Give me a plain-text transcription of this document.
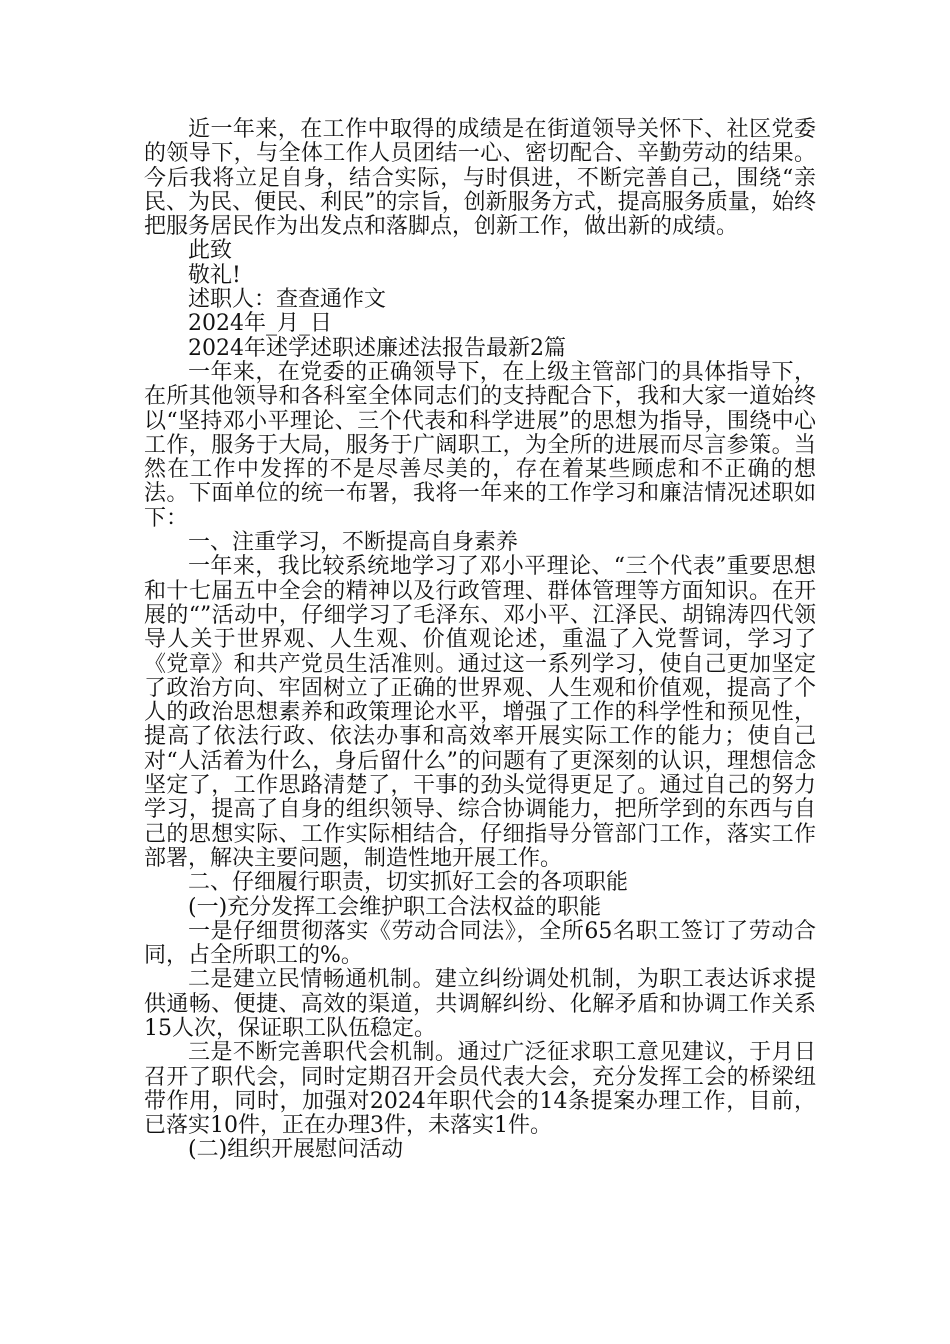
近一年来，在工作中取得的成绩是在街道领导关怀下、社区党委的领导下，与全体工作人员团结一心、密切配合、辛勤劳动的结果。今后我将立足自身，结合实际，与时俱进，不断完善自己，围绕“亲民、为民、便民、利民”的宗旨，创新服务方式，提高服务质量，始终把服务居民作为出发点和落脚点，创新工作，做出新的成绩。

此致

敬礼!

述职人：查查通作文

2024年_月_日

2024年述学述职述廉述法报告最新2篇

一年来，在党委的正确领导下，在上级主管部门的具体指导下，在所其他领导和各科室全体同志们的支持配合下，我和大家一道始终以“坚持邓小平理论、三个代表和科学进展”的思想为指导，围绕中心工作，服务于大局，服务于广阔职工，为全所的进展而尽言参策。当然在工作中发挥的不是尽善尽美的，存在着某些顾虑和不正确的想法。下面单位的统一布署，我将一年来的工作学习和廉洁情况述职如下：

一、注重学习，不断提高自身素养

一年来，我比较系统地学习了邓小平理论、“三个代表”重要思想和十七届五中全会的精神以及行政管理、群体管理等方面知识。在开展的“”活动中，仔细学习了毛泽东、邓小平、江泽民、胡锦涛四代领导人关于世界观、人生观、价值观论述，重温了入党誓词，学习了《党章》和共产党员生活准则。通过这一系列学习，使自己更加坚定了政治方向、牢固树立了正确的世界观、人生观和价值观，提高了个人的政治思想素养和政策理论水平，增强了工作的科学性和预见性，提高了依法行政、依法办事和高效率开展实际工作的能力；使自己对“人活着为什么，身后留什么”的问题有了更深刻的认识，理想信念坚定了，工作思路清楚了，干事的劲头觉得更足了。通过自己的努力学习，提高了自身的组织领导、综合协调能力，把所学到的东西与自己的思想实际、工作实际相结合，仔细指导分管部门工作，落实工作部署，解决主要问题，制造性地开展工作。

二、仔细履行职责，切实抓好工会的各项职能

(一)充分发挥工会维护职工合法权益的职能

一是仔细贯彻落实《劳动合同法》，全所65名职工签订了劳动合同，占全所职工的%。

二是建立民情畅通机制。建立纠纷调处机制，为职工表达诉求提供通畅、便捷、高效的渠道，共调解纠纷、化解矛盾和协调工作关系15人次，保证职工队伍稳定。

三是不断完善职代会机制。通过广泛征求职工意见建议，于月日召开了职代会，同时定期召开会员代表大会，充分发挥工会的桥梁纽带作用，同时，加强对2024年职代会的14条提案办理工作，目前，已落实10件，正在办理3件，未落实1件。

(二)组织开展慰问活动
